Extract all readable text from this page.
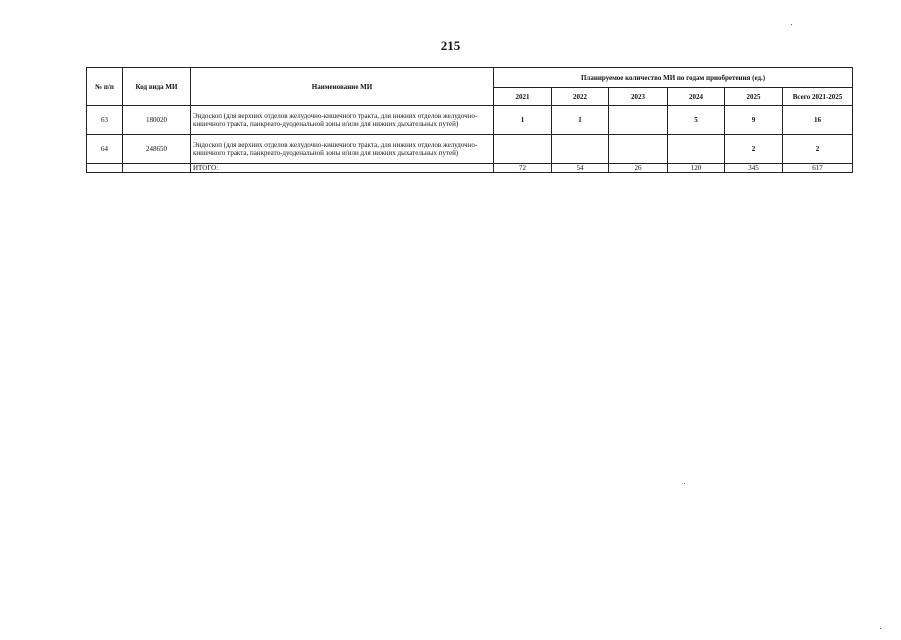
215
№ п/п	Код вида МИ	Наименование МИ	Планируемое количество МИ по годам приобретения (ед.)					
			2021	2022	2023	2024	2025	Всего 2021-2025
63	180020	Эндоскоп (для верхних отделов желудочно-кишечного тракта, для нижних отделов желудочно-кишечного тракта, панкреато-дуоденальной зоны и/или для нижних дыхательных путей)	1	1		5	9	16
64	248650	Эндоскоп (для верхних отделов желудочно-кишечного тракта, для нижних отделов желудочно-кишечного тракта, панкреато-дуоденальной зоны и/или для нижних дыхательных путей)					2	2
		ИТОГО:	72	54	26	120	345	617
